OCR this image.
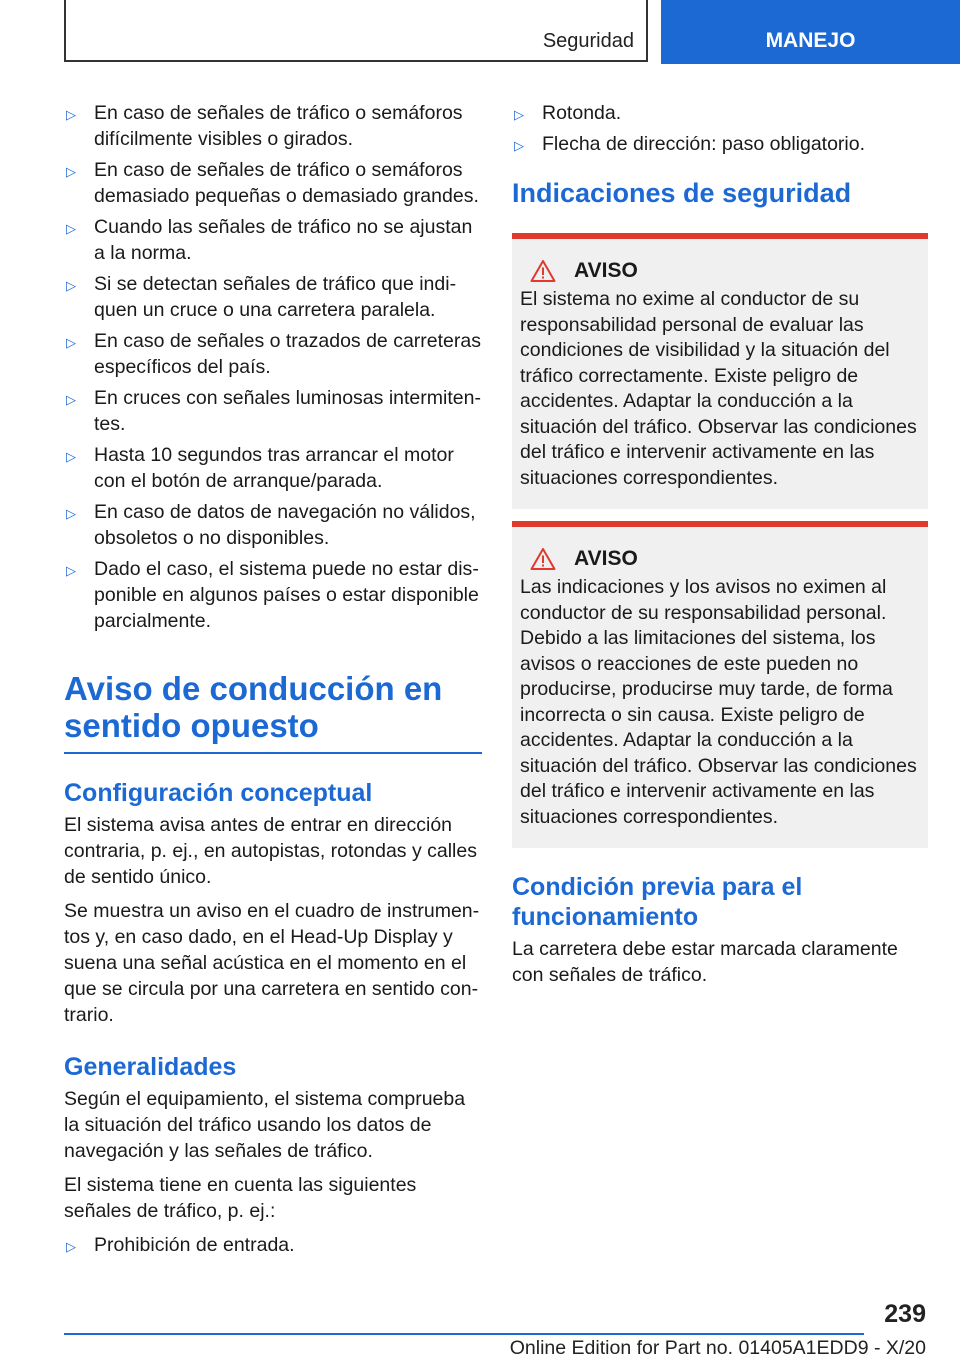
Seguridad	MANEJO
▷ En caso de señales de tráfico o semáforos difícilmente visibles o girados.
▷ En caso de señales de tráfico o semáforos demasiado pequeñas o demasiado grandes.
▷ Cuando las señales de tráfico no se ajustan a la norma.
▷ Si se detectan señales de tráfico que indiquen un cruce o una carretera paralela.
▷ En caso de señales o trazados de carreteras específicos del país.
▷ En cruces con señales luminosas intermitentes.
▷ Hasta 10 segundos tras arrancar el motor con el botón de arranque/parada.
▷ En caso de datos de navegación no válidos, obsoletos o no disponibles.
▷ Dado el caso, el sistema puede no estar disponible en algunos países o estar disponible parcialmente.
Aviso de conducción en sentido opuesto
Configuración conceptual

El sistema avisa antes de entrar en dirección contraria, p. ej., en autopistas, rotondas y calles de sentido único.

Se muestra un aviso en el cuadro de instrumentos y, en caso dado, en el Head-Up Display y suena una señal acústica en el momento en el que se circula por una carretera en sentido contrario.

Generalidades

Según el equipamiento, el sistema comprueba la situación del tráfico usando los datos de navegación y las señales de tráfico.

El sistema tiene en cuenta las siguientes señales de tráfico, p. ej.:

▷ Prohibición de entrada.
▷ Rotonda.
▷ Flecha de dirección: paso obligatorio.
Indicaciones de seguridad
AVISO

El sistema no exime al conductor de su responsabilidad personal de evaluar las condiciones de visibilidad y la situación del tráfico correctamente. Existe peligro de accidentes. Adaptar la conducción a la situación del tráfico. Observar las condiciones del tráfico e intervenir activamente en las situaciones correspondientes.

AVISO

Las indicaciones y los avisos no eximen al conductor de su responsabilidad personal. Debido a las limitaciones del sistema, los avisos o reacciones de este pueden no producirse, producirse muy tarde, de forma incorrecta o sin causa. Existe peligro de accidentes. Adaptar la conducción a la situación del tráfico. Observar las condiciones del tráfico e intervenir activamente en las situaciones correspondientes.

Condición previa para el funcionamiento

La carretera debe estar marcada claramente con señales de tráfico.

239
Online Edition for Part no. 01405A1EDD9 - X/20
